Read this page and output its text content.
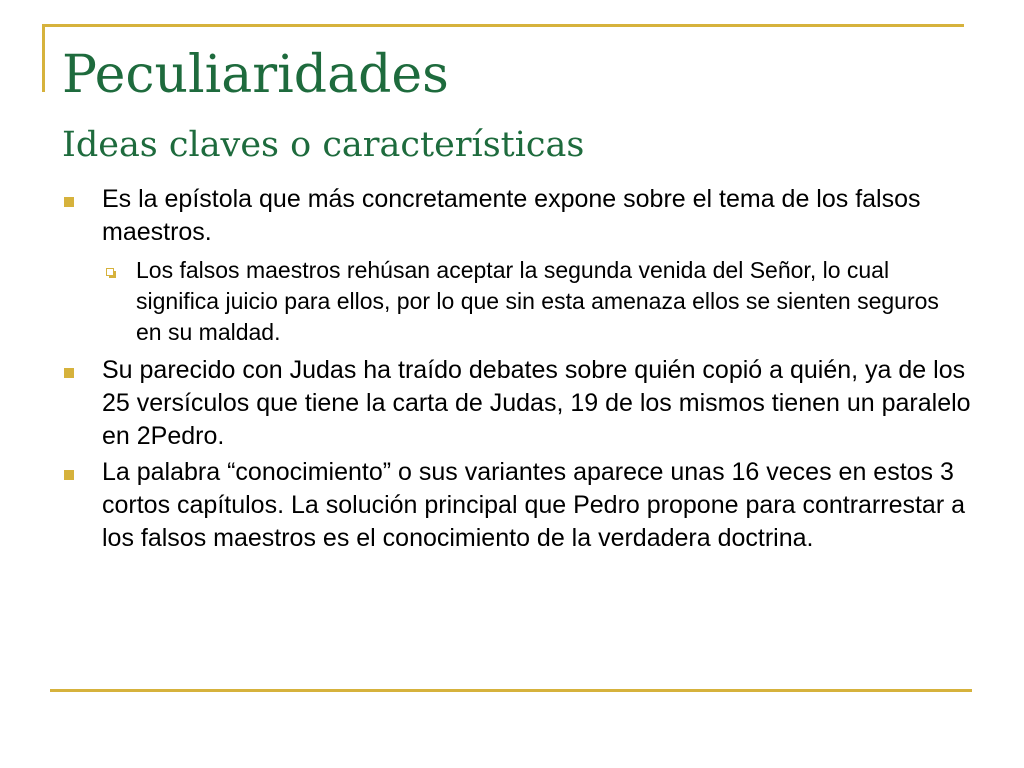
Peculiaridades
Ideas claves o características

Es la epístola que más concretamente expone sobre el tema de los falsos maestros.

Los falsos maestros rehúsan aceptar la segunda venida del Señor, lo cual significa juicio para ellos, por lo que sin esta amenaza ellos se sienten seguros en su maldad.

Su parecido con Judas ha traído debates sobre quién copió a quién, ya de los 25 versículos que tiene la carta de Judas, 19 de los mismos tienen un paralelo en 2Pedro.

La palabra “conocimiento” o sus variantes aparece unas 16 veces en estos 3 cortos capítulos. La solución principal que Pedro propone para contrarrestar a los falsos maestros es el conocimiento de la verdadera doctrina.
